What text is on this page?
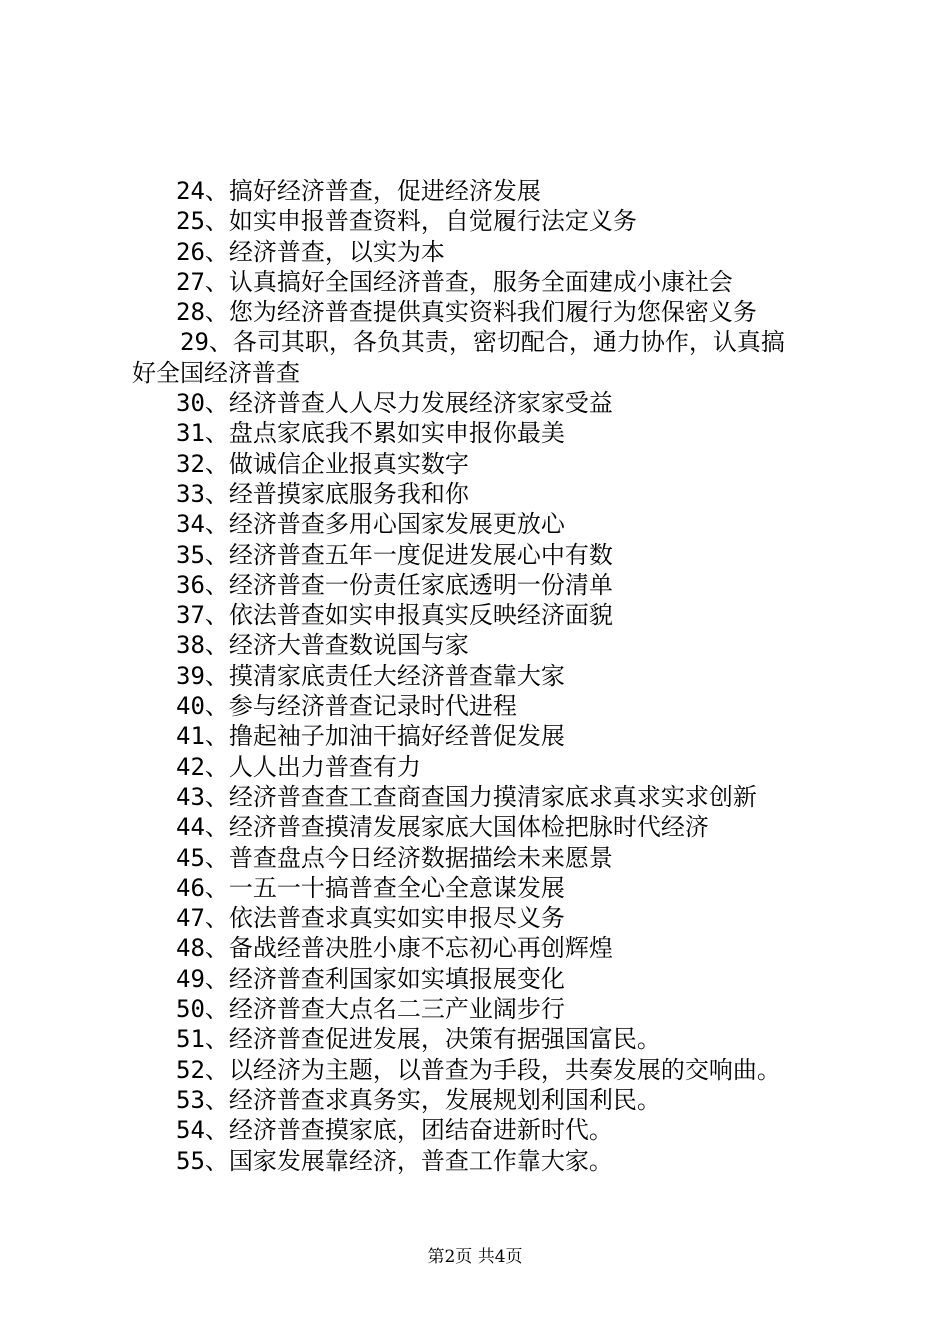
24、搞好经济普查，促进经济发展
25、如实申报普查资料，自觉履行法定义务
26、经济普查，以实为本
27、认真搞好全国经济普查，服务全面建成小康社会
28、您为经济普查提供真实资料我们履行为您保密义务
29、各司其职，各负其责，密切配合，通力协作，认真搞
好全国经济普查
30、经济普查人人尽力发展经济家家受益
31、盘点家底我不累如实申报你最美
32、做诚信企业报真实数字
33、经普摸家底服务我和你
34、经济普查多用心国家发展更放心
35、经济普查五年一度促进发展心中有数
36、经济普查一份责任家底透明一份清单
37、依法普查如实申报真实反映经济面貌
38、经济大普查数说国与家
39、摸清家底责任大经济普查靠大家
40、参与经济普查记录时代进程
41、撸起袖子加油干搞好经普促发展
42、人人出力普查有力
43、经济普查查工查商查国力摸清家底求真求实求创新
44、经济普查摸清发展家底大国体检把脉时代经济
45、普查盘点今日经济数据描绘未来愿景
46、一五一十搞普查全心全意谋发展
47、依法普查求真实如实申报尽义务
48、备战经普决胜小康不忘初心再创辉煌
49、经济普查利国家如实填报展变化
50、经济普查大点名二三产业阔步行
51、经济普查促进发展，决策有据强国富民。
52、以经济为主题，以普查为手段，共奏发展的交响曲。
53、经济普查求真务实，发展规划利国利民。
54、经济普查摸家底，团结奋进新时代。
55、国家发展靠经济，普查工作靠大家。
第2页 共4页
